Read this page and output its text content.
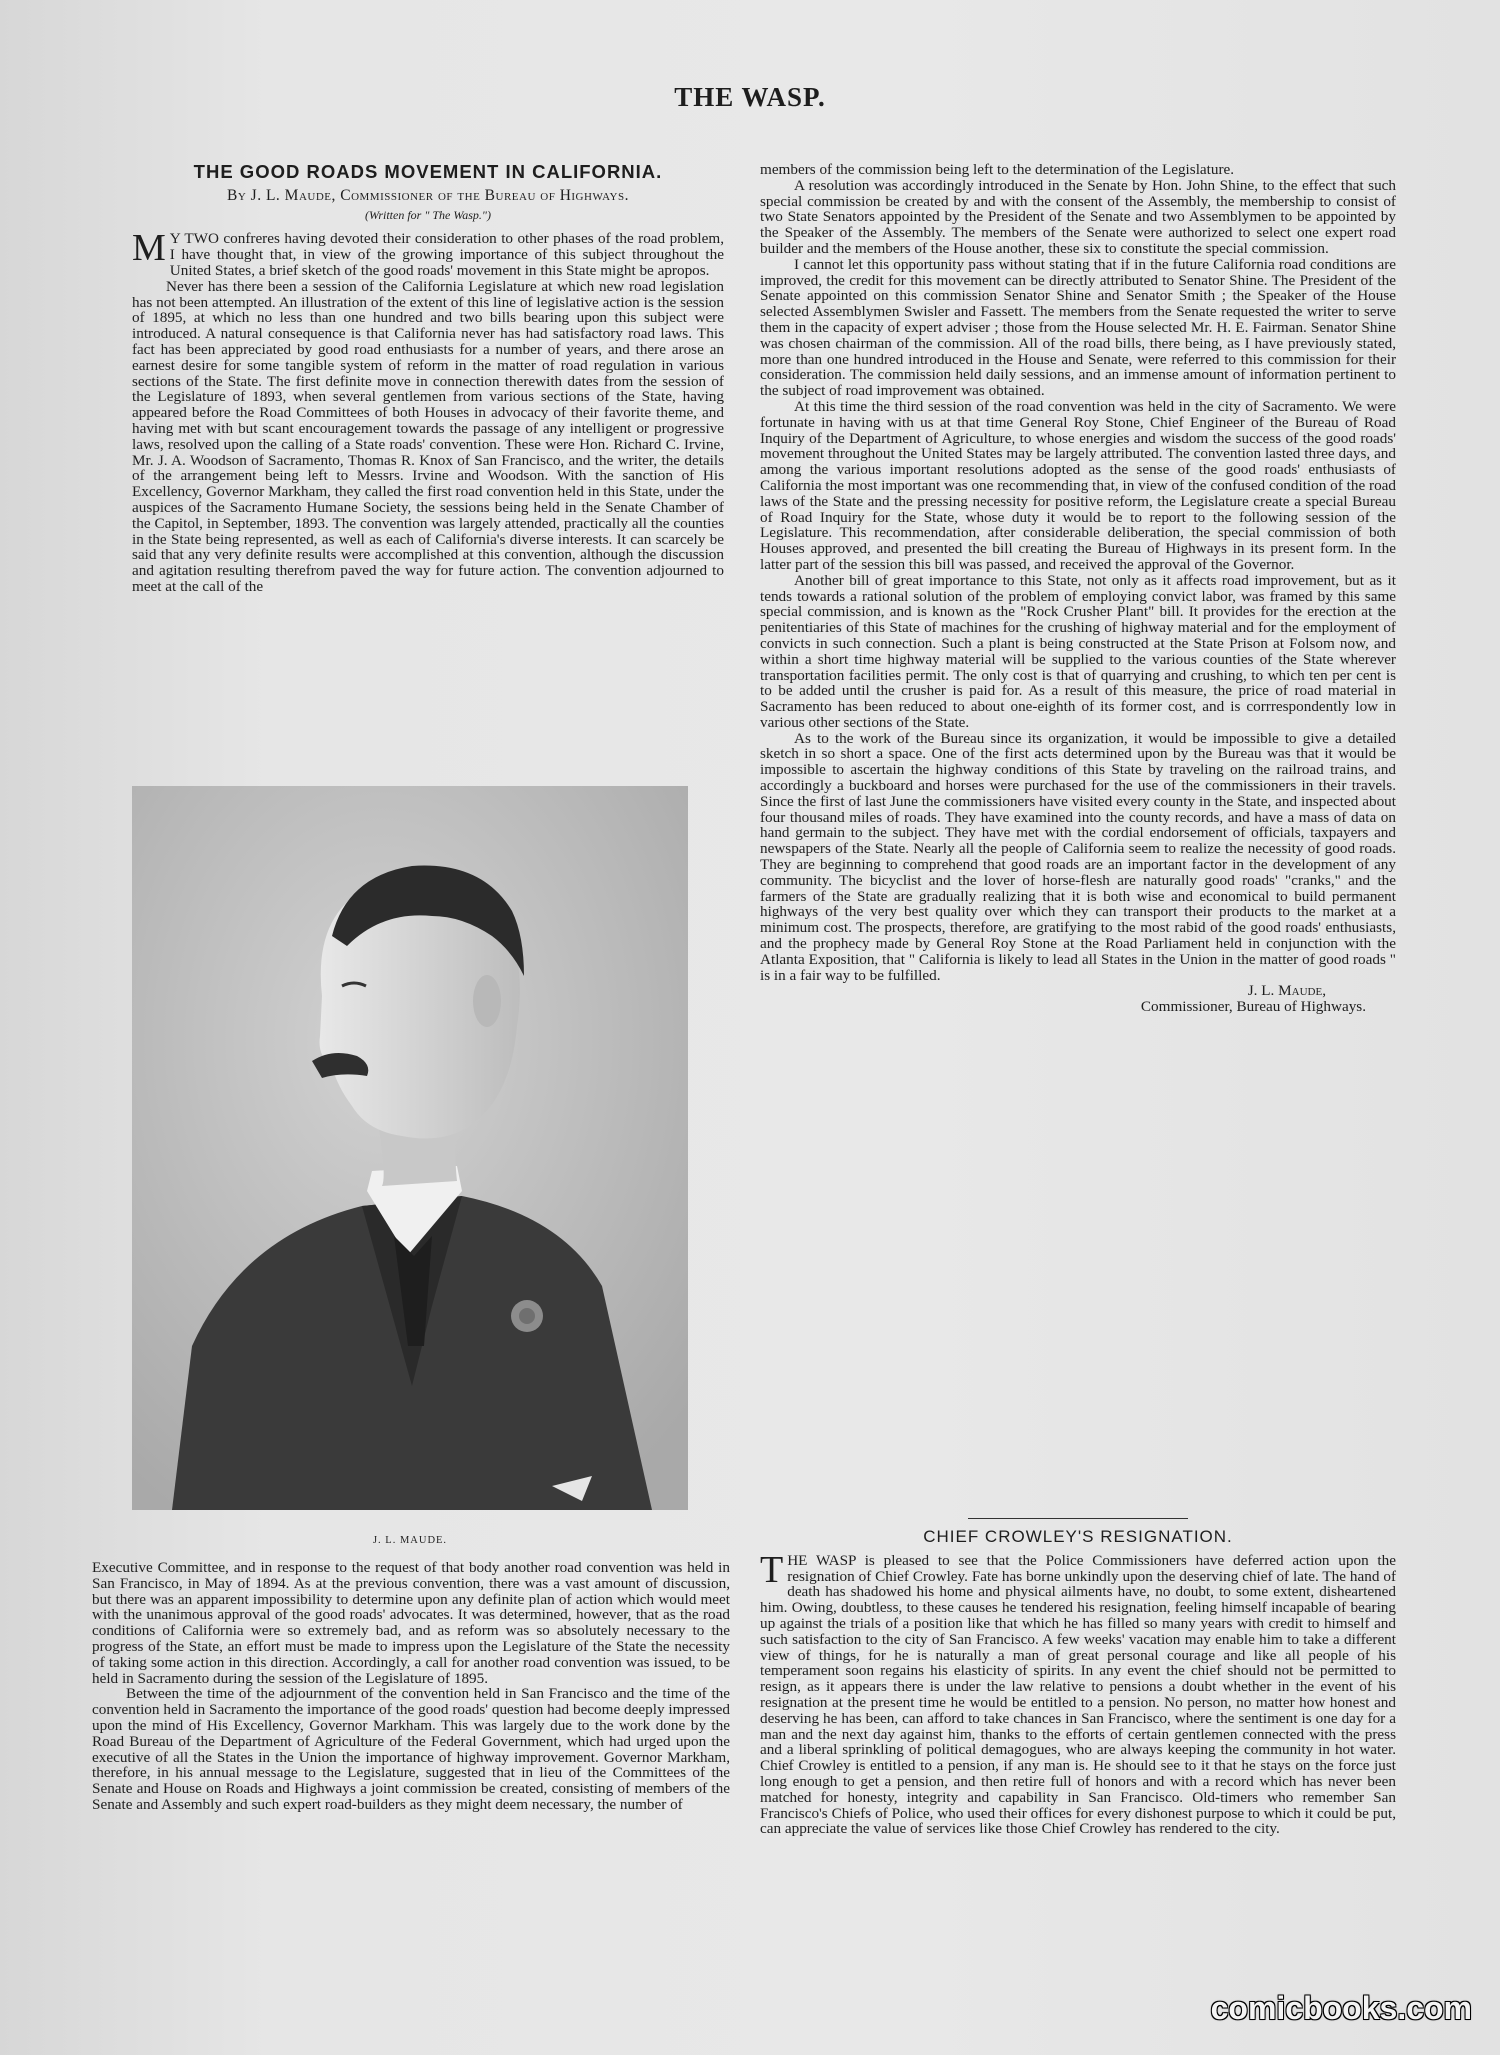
THE WASP.
THE GOOD ROADS MOVEMENT IN CALIFORNIA.
By J. L. Maude, Commissioner of the Bureau of Highways.
(Written for " The Wasp.")

M Y TWO confreres having devoted their consideration to other phases of the road problem, I have thought that, in view of the growing importance of this subject throughout the United States, a brief sketch of the good roads' movement in this State might be apropos.

Never has there been a session of the California Legislature at which new road legislation has not been attempted. An illustration of the extent of this line of legislative action is the session of 1895, at which no less than one hundred and two bills bearing upon this subject were introduced. A natural consequence is that California never has had satisfactory road laws. This fact has been appreciated by good road enthusiasts for a number of years, and there arose an earnest desire for some tangible system of reform in the matter of road regulation in various sections of the State. The first definite move in connection therewith dates from the session of the Legislature of 1893, when several gentlemen from various sections of the State, having appeared before the Road Committees of both Houses in advocacy of their favorite theme, and having met with but scant encouragement towards the passage of any intelligent or progressive laws, resolved upon the calling of a State roads' convention. These were Hon. Richard C. Irvine, Mr. J. A. Woodson of Sacramento, Thomas R. Knox of San Francisco, and the writer, the details of the arrangement being left to Messrs. Irvine and Woodson. With the sanction of His Excellency, Governor Markham, they called the first road convention held in this State, under the auspices of the Sacramento Humane Society, the sessions being held in the Senate Chamber of the Capitol, in September, 1893. The convention was largely attended, practically all the counties in the State being represented, as well as each of California's diverse interests. It can scarcely be said that any very definite results were accomplished at this convention, although the discussion and agitation resulting therefrom paved the way for future action. The convention adjourned to meet at the call of the

J. L. MAUDE.

Executive Committee, and in response to the request of that body another road convention was held in San Francisco, in May of 1894. As at the previous convention, there was a vast amount of discussion, but there was an apparent impossibility to determine upon any definite plan of action which would meet with the unanimous approval of the good roads' advocates. It was determined, however, that as the road conditions of California were so extremely bad, and as reform was so absolutely necessary to the progress of the State, an effort must be made to impress upon the Legislature of the State the necessity of taking some action in this direction. Accordingly, a call for another road convention was issued, to be held in Sacramento during the session of the Legislature of 1895.

Between the time of the adjournment of the convention held in San Francisco and the time of the convention held in Sacramento the importance of the good roads' question had become deeply impressed upon the mind of His Excellency, Governor Markham. This was largely due to the work done by the Road Bureau of the Department of Agriculture of the Federal Government, which had urged upon the executive of all the States in the Union the importance of highway improvement. Governor Markham, therefore, in his annual message to the Legislature, suggested that in lieu of the Committees of the Senate and House on Roads and Highways a joint commission be created, consisting of members of the Senate and Assembly and such expert road-builders as they might deem necessary, the number of

members of the commission being left to the determination of the Legislature.

A resolution was accordingly introduced in the Senate by Hon. John Shine, to the effect that such special commission be created by and with the consent of the Assembly, the membership to consist of two State Senators appointed by the President of the Senate and two Assemblymen to be appointed by the Speaker of the Assembly. The members of the Senate were authorized to select one expert road builder and the members of the House another, these six to constitute the special commission.

I cannot let this opportunity pass without stating that if in the future California road conditions are improved, the credit for this movement can be directly attributed to Senator Shine. The President of the Senate appointed on this commission Senator Shine and Senator Smith ; the Speaker of the House selected Assemblymen Swisler and Fassett. The members from the Senate requested the writer to serve them in the capacity of expert adviser ; those from the House selected Mr. H. E. Fairman. Senator Shine was chosen chairman of the commission. All of the road bills, there being, as I have previously stated, more than one hundred introduced in the House and Senate, were referred to this commission for their consideration. The commission held daily sessions, and an immense amount of information pertinent to the subject of road improvement was obtained.

At this time the third session of the road convention was held in the city of Sacramento. We were fortunate in having with us at that time General Roy Stone, Chief Engineer of the Bureau of Road Inquiry of the Department of Agriculture, to whose energies and wisdom the success of the good roads' movement throughout the United States may be largely attributed. The convention lasted three days, and among the various important resolutions adopted as the sense of the good roads' enthusiasts of California the most important was one recommending that, in view of the confused condition of the road laws of the State and the pressing necessity for positive reform, the Legislature create a special Bureau of Road Inquiry for the State, whose duty it would be to report to the following session of the Legislature. This recommendation, after considerable deliberation, the special commission of both Houses approved, and presented the bill creating the Bureau of Highways in its present form. In the latter part of the session this bill was passed, and received the approval of the Governor.

Another bill of great importance to this State, not only as it affects road improvement, but as it tends towards a rational solution of the problem of employing convict labor, was framed by this same special commission, and is known as the "Rock Crusher Plant" bill. It provides for the erection at the penitentiaries of this State of machines for the crushing of highway material and for the employment of convicts in such connection. Such a plant is being constructed at the State Prison at Folsom now, and within a short time highway material will be supplied to the various counties of the State wherever transportation facilities permit. The only cost is that of quarrying and crushing, to which ten per cent is to be added until the crusher is paid for. As a result of this measure, the price of road material in Sacramento has been reduced to about one-eighth of its former cost, and is corrrespondently low in various other sections of the State.

As to the work of the Bureau since its organization, it would be impossible to give a detailed sketch in so short a space. One of the first acts determined upon by the Bureau was that it would be impossible to ascertain the highway conditions of this State by traveling on the railroad trains, and accordingly a buckboard and horses were purchased for the use of the commissioners in their travels. Since the first of last June the commissioners have visited every county in the State, and inspected about four thousand miles of roads. They have examined into the county records, and have a mass of data on hand germain to the subject. They have met with the cordial endorsement of officials, taxpayers and newspapers of the State. Nearly all the people of California seem to realize the necessity of good roads. They are beginning to comprehend that good roads are an important factor in the development of any community. The bicyclist and the lover of horse-flesh are naturally good roads' "cranks," and the farmers of the State are gradually realizing that it is both wise and economical to build permanent highways of the very best quality over which they can transport their products to the market at a minimum cost. The prospects, therefore, are gratifying to the most rabid of the good roads' enthusiasts, and the prophecy made by General Roy Stone at the Road Parliament held in conjunction with the Atlanta Exposition, that " California is likely to lead all States in the Union in the matter of good roads " is in a fair way to be fulfilled.

J. L. Maude,
Commissioner, Bureau of Highways.
CHIEF CROWLEY'S RESIGNATION.

THE WASP is pleased to see that the Police Commissioners have deferred action upon the resignation of Chief Crowley. Fate has borne unkindly upon the deserving chief of late. The hand of death has shadowed his home and physical ailments have, no doubt, to some extent, disheartened him. Owing, doubtless, to these causes he tendered his resignation, feeling himself incapable of bearing up against the trials of a position like that which he has filled so many years with credit to himself and such satisfaction to the city of San Francisco. A few weeks' vacation may enable him to take a different view of things, for he is naturally a man of great personal courage and like all people of his temperament soon regains his elasticity of spirits. In any event the chief should not be permitted to resign, as it appears there is under the law relative to pensions a doubt whether in the event of his resignation at the present time he would be entitled to a pension. No person, no matter how honest and deserving he has been, can afford to take chances in San Francisco, where the sentiment is one day for a man and the next day against him, thanks to the efforts of certain gentlemen connected with the press and a liberal sprinkling of political demagogues, who are always keeping the community in hot water. Chief Crowley is entitled to a pension, if any man is. He should see to it that he stays on the force just long enough to get a pension, and then retire full of honors and with a record which has never been matched for honesty, integrity and capability in San Francisco. Old-timers who remember San Francisco's Chiefs of Police, who used their offices for every dishonest purpose to which it could be put, can appreciate the value of services like those Chief Crowley has rendered to the city.

comicbooks.com
